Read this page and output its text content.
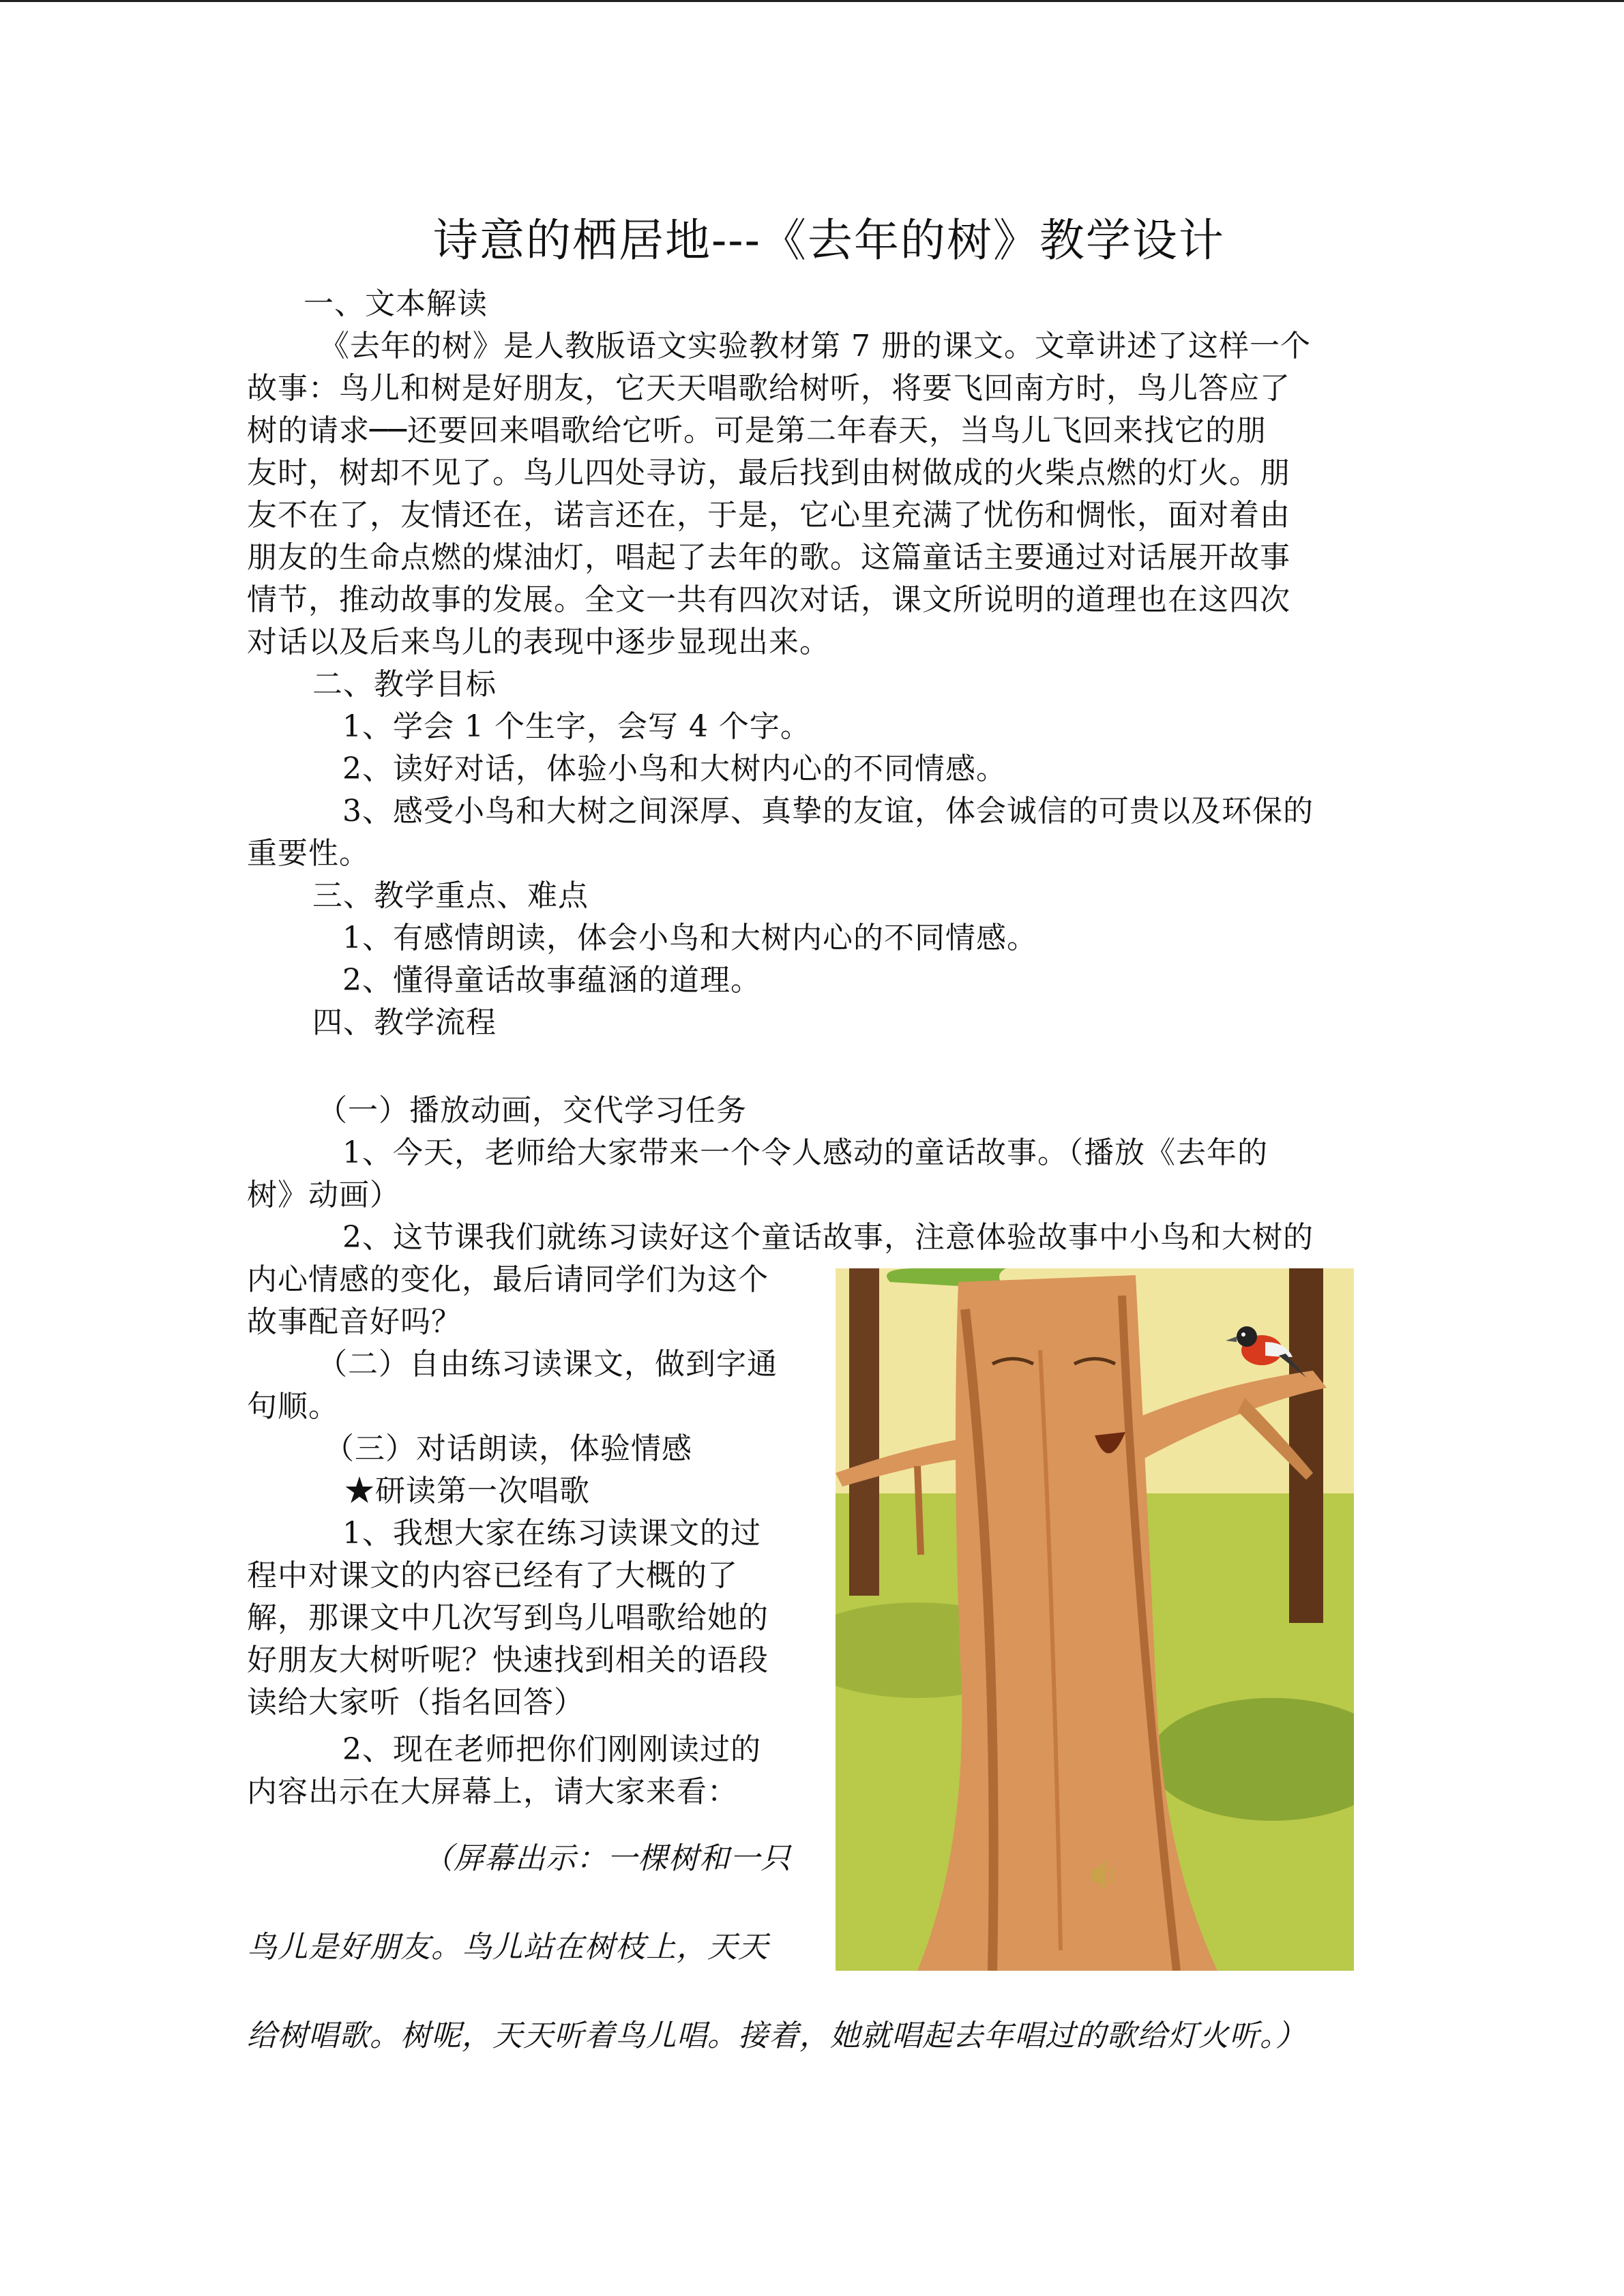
诗意的栖居地---《去年的树》教学设计
一、文本解读
《去年的树》是人教版语文实验教材第 7 册的课文。文章讲述了这样一个
故事：鸟儿和树是好朋友，它天天唱歌给树听，将要飞回南方时，鸟儿答应了
树的请求──还要回来唱歌给它听。可是第二年春天，当鸟儿飞回来找它的朋
友时，树却不见了。鸟儿四处寻访，最后找到由树做成的火柴点燃的灯火。朋
友不在了，友情还在，诺言还在，于是，它心里充满了忧伤和惆怅，面对着由
朋友的生命点燃的煤油灯，唱起了去年的歌。这篇童话主要通过对话展开故事
情节，推动故事的发展。全文一共有四次对话，课文所说明的道理也在这四次
对话以及后来鸟儿的表现中逐步显现出来。
二、教学目标
1、学会 1 个生字，会写 4 个字。
2、读好对话，体验小鸟和大树内心的不同情感。
3、感受小鸟和大树之间深厚、真挚的友谊，体会诚信的可贵以及环保的
重要性。
三、教学重点、难点
1、有感情朗读，体会小鸟和大树内心的不同情感。
2、懂得童话故事蕴涵的道理。
四、教学流程
（一）播放动画，交代学习任务
1、今天，老师给大家带来一个令人感动的童话故事。（播放《去年的
树》动画）
2、这节课我们就练习读好这个童话故事，注意体验故事中小鸟和大树的
内心情感的变化，最后请同学们为这个
故事配音好吗？
（二）自由练习读课文，做到字通
句顺。
（三）对话朗读，体验情感
★研读第一次唱歌
1、我想大家在练习读课文的过
程中对课文的内容已经有了大概的了
解，那课文中几次写到鸟儿唱歌给她的
好朋友大树听呢？快速找到相关的语段
读给大家听（指名回答）
2、现在老师把你们刚刚读过的
内容出示在大屏幕上，请大家来看：
（屏幕出示：一棵树和一只
鸟儿是好朋友。鸟儿站在树枝上，天天
给树唱歌。树呢，天天听着鸟儿唱。接着，她就唱起去年唱过的歌给灯火听。）
